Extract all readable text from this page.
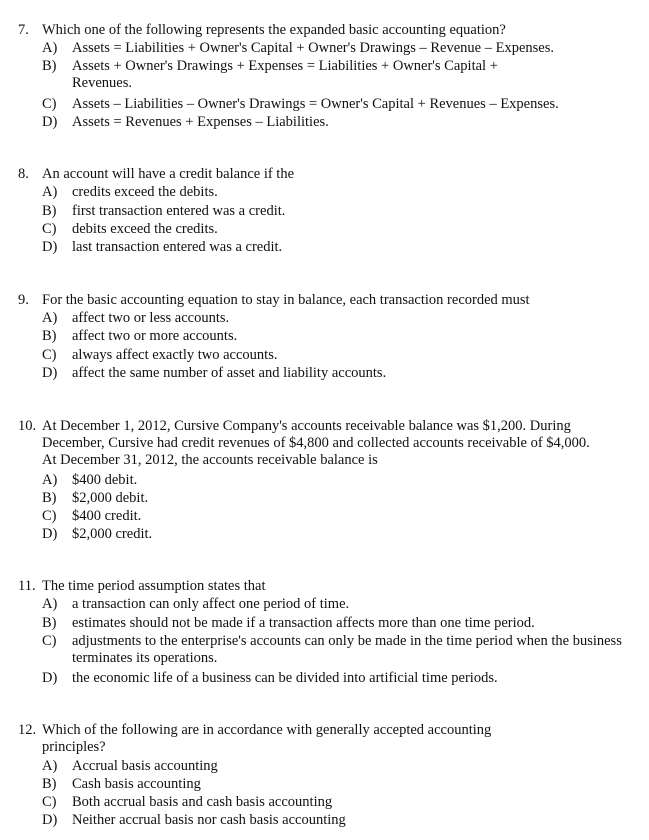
7. Which one of the following represents the expanded basic accounting equation?
A) Assets = Liabilities + Owner's Capital + Owner's Drawings – Revenue – Expenses.
B) Assets + Owner's Drawings + Expenses = Liabilities + Owner's Capital + Revenues.
C) Assets – Liabilities – Owner's Drawings = Owner's Capital + Revenues – Expenses.
D) Assets = Revenues + Expenses – Liabilities.
8. An account will have a credit balance if the
A) credits exceed the debits.
B) first transaction entered was a credit.
C) debits exceed the credits.
D) last transaction entered was a credit.
9. For the basic accounting equation to stay in balance, each transaction recorded must
A) affect two or less accounts.
B) affect two or more accounts.
C) always affect exactly two accounts.
D) affect the same number of asset and liability accounts.
10. At December 1, 2012, Cursive Company's accounts receivable balance was $1,200. During December, Cursive had credit revenues of $4,800 and collected accounts receivable of $4,000. At December 31, 2012, the accounts receivable balance is
A) $400 debit.
B) $2,000 debit.
C) $400 credit.
D) $2,000 credit.
11. The time period assumption states that
A) a transaction can only affect one period of time.
B) estimates should not be made if a transaction affects more than one time period.
C) adjustments to the enterprise's accounts can only be made in the time period when the business terminates its operations.
D) the economic life of a business can be divided into artificial time periods.
12. Which of the following are in accordance with generally accepted accounting principles?
A) Accrual basis accounting
B) Cash basis accounting
C) Both accrual basis and cash basis accounting
D) Neither accrual basis nor cash basis accounting
